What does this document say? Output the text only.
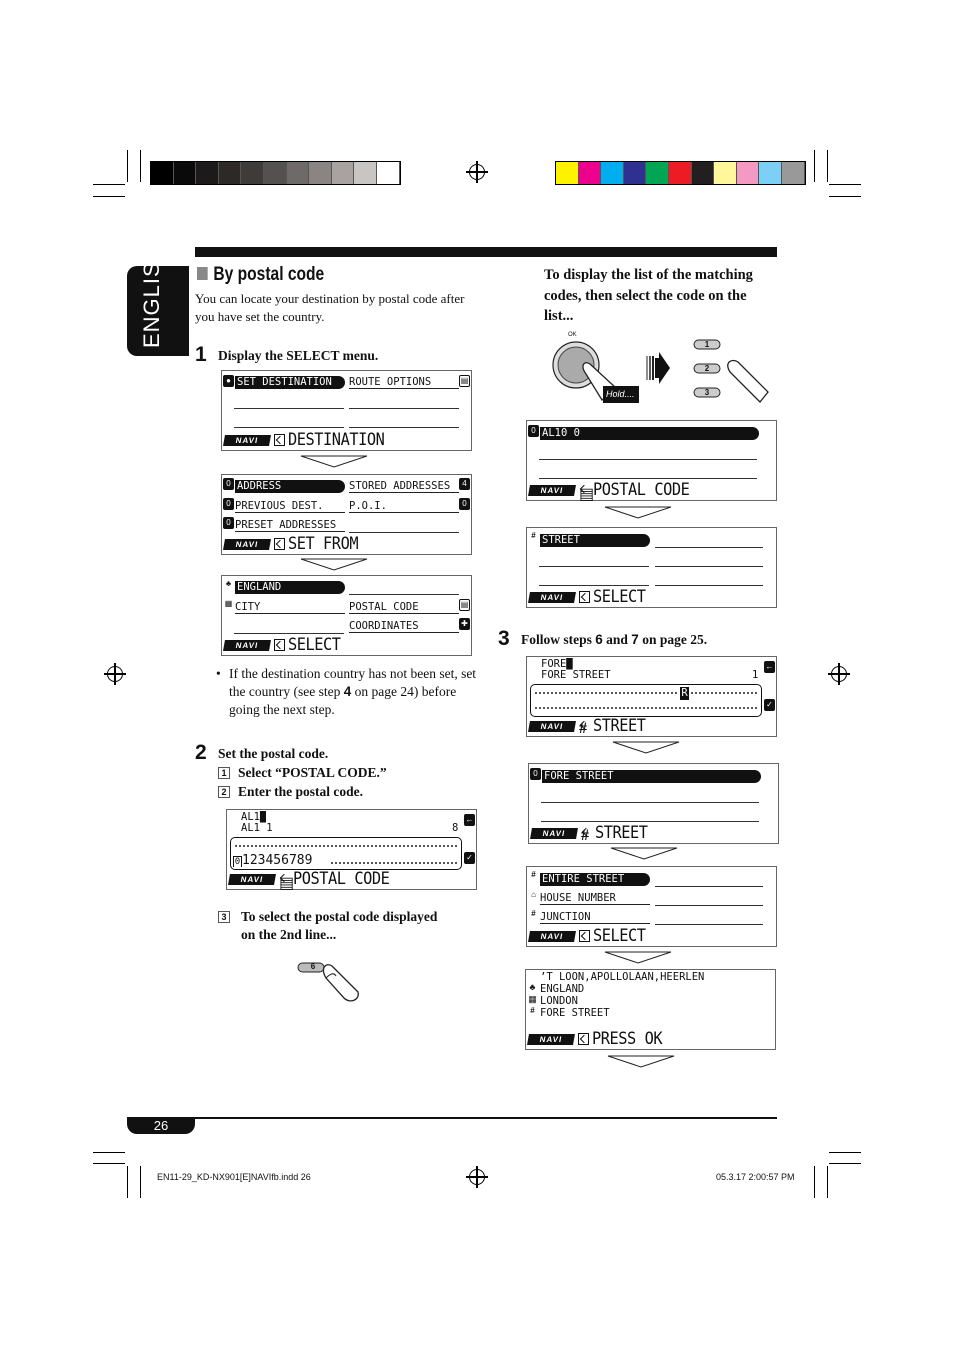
ENGLISH	By postal code
You can locate your destination by postal code after you have set the country.
1 Display the SELECT menu.
● SET DESTINATION	ROUTE OPTIONS	▤
NAVI	DESTINATION
0 ADDRESS	STORED ADDRESSES	4
0 PREVIOUS DEST.	P.O.I.	0
0 PRESET ADDRESSES
NAVI	SET FROM
♣ ENGLAND
▦ CITY	POSTAL CODE	▤
COORDINATES	✚
NAVI	SELECT
• If the destination country has not been set, set the country (see step 4 on page 24) before going the next step.
2 Set the postal code.
1 Select “POSTAL CODE.”
2 Enter the postal code.
AL1█
AL1 1	8
←
0 123456789	✓
NAVI ▤
POSTAL CODE
3	To select the postal code displayed on the 2nd line...
6
To display the list of the matching codes, then select the code on the list...
OK
Hold....
1
2
3
0 AL10 0
NAVI ▤
POSTAL CODE
# STREET
NAVI	SELECT
3 Follow steps 6 and 7 on page 25.
FORE█
FORE STREET	1
←
R
✓
NAVI # STREET
0 FORE STREET
NAVI # STREET
# ENTIRE STREET
⌂ HOUSE NUMBER
# JUNCTION
NAVI	SELECT
’T LOON,APOLLOLAAN,HEERLEN
♣ ENGLAND
▦ LONDON
# FORE STREET
NAVI	PRESS OK
26
EN11-29_KD-NX901[E]NAVIfb.indd 26	05.3.17 2:00:57 PM
